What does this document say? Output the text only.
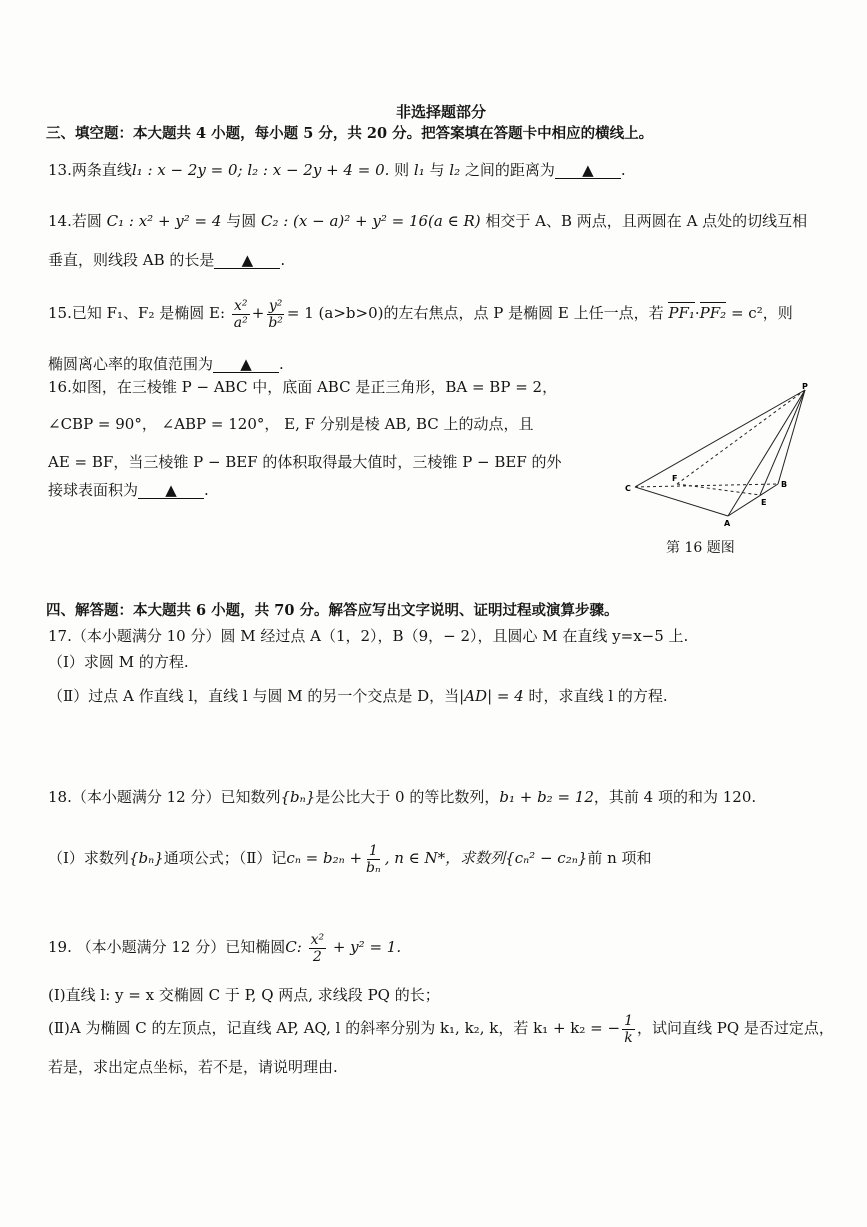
非选择题部分
三、填空题：本大题共 4 小题，每小题 5 分，共 20 分。把答案填在答题卡中相应的横线上。
13.两条直线l₁ : x − 2y = 0; l₂ : x − 2y + 4 = 0. 则 l₁ 与 l₂ 之间的距离为 ▲ .
14.若圆 C₁ : x² + y² = 4 与圆 C₂ : (x − a)² + y² = 16(a ∈ R) 相交于 A、B 两点，且两圆在 A 点处的切线互相
垂直，则线段 AB 的长是 ▲ .
15.已知 F₁、F₂ 是椭圆 E: $\frac{\text{x²}}{\text{a²}} + \frac{\text{y²}}{\text{b²}} = 1$ (a>b>0)的左右焦点，点 P 是椭圆 E 上任一点，若 PF₁·PF₂ = c²，则
椭圆离心率的取值范围为 ▲ .
16.如图，在三棱锥 P − ABC 中，底面 ABC 是正三角形，BA = BP = 2，
∠CBP = 90°， ∠ABP = 120°， E, F 分别是棱 AB, BC 上的动点，且
AE = BF，当三棱锥 P − BEF 的体积取得最大值时，三棱锥 P − BEF 的外
接球表面积为 ▲ .
P
C
F
B
E
A
第 16 题图
四、解答题：本大题共 6 小题，共 70 分。解答应写出文字说明、证明过程或演算步骤。
17.（本小题满分 10 分）圆 M 经过点 A（1，2），B（9，− 2），且圆心 M 在直线 y=x−5 上.
（Ⅰ）求圆 M 的方程.
（Ⅱ）过点 A 作直线 l，直线 l 与圆 M 的另一个交点是 D，当|AD| = 4 时，求直线 l 的方程.
18.（本小题满分 12 分）已知数列{bₙ}是公比大于 0 的等比数列，b₁ + b₂ = 12，其前 4 项的和为 120.
（Ⅰ）求数列{bₙ}通项公式；（Ⅱ）记$c_n = b_{2n} + \frac{1}{\text{bₙ}}$ , n ∈ N*，求数列{cₙ² − c₂ₙ}前 n 项和
19. （本小题满分 12 分）已知椭圆C: $\frac{\text{x²}}{2} + y^2 = 1$.
(Ⅰ)直线 l: y = x 交椭圆 C 于 P, Q 两点, 求线段 PQ 的长；
(Ⅱ)A 为椭圆 C 的左顶点，记直线 AP, AQ, l 的斜率分别为 k₁, k₂, k，若 k₁ + k₂ = − $\frac{1}{k}$ ，试问直线 PQ 是否过定点，
若是，求出定点坐标，若不是，请说明理由.
